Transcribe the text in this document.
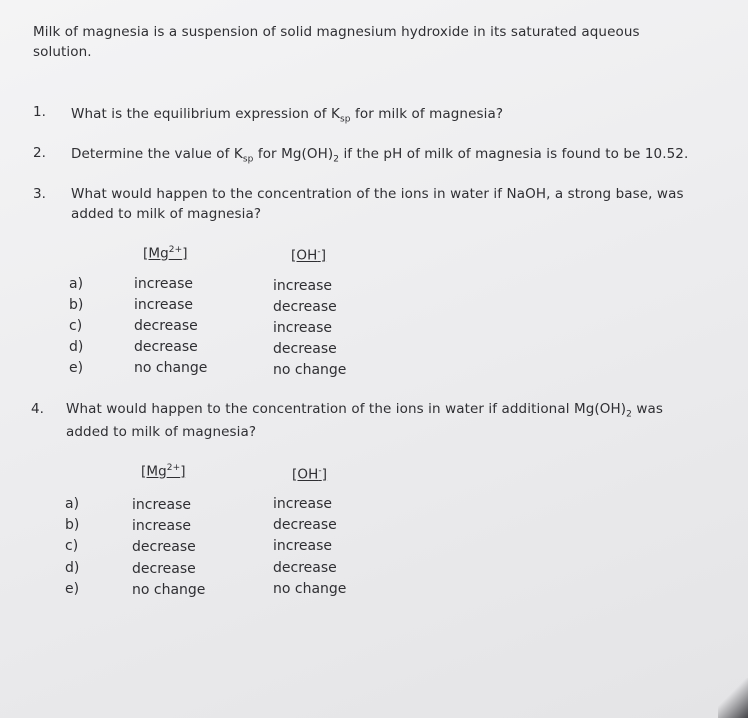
Milk of magnesia is a suspension of solid magnesium hydroxide in its saturated aqueous
solution.
1. What is the equilibrium expression of $K_{sp}$ for milk of magnesia?
2. Determine the value of $K_{sp}$ for $Mg(OH)_2$ if the pH of milk of magnesia is found to be 10.52.
3. What would happen to the concentration of the ions in water if NaOH, a strong base, was
added to milk of magnesia?
$[Mg^{2+}]$	[OH-]
a)	increase	increase
b)	increase	decrease
c)	decrease	increase
d)	decrease	decrease
e)	no change	no change
4. What would happen to the concentration of the ions in water if additional $Mg(OH)_2$ was
added to milk of magnesia?
$[Mg^{2+}]$	[OH-]
a)	increase	increase
b)	increase	decrease
c)	decrease	increase
d)	decrease	decrease
e)	no change	no change
